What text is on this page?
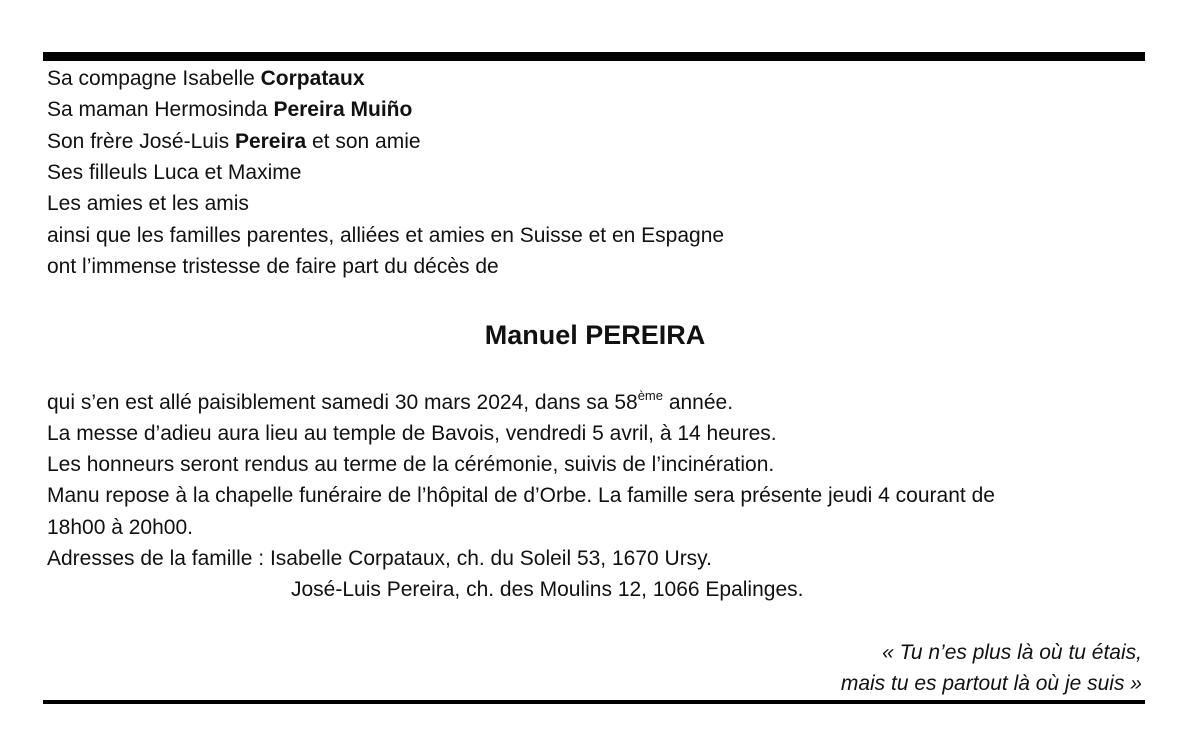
Sa compagne Isabelle Corpataux
Sa maman Hermosinda Pereira Muiño
Son frère José-Luis Pereira et son amie
Ses filleuls Luca et Maxime
Les amies et les amis
ainsi que les familles parentes, alliées et amies en Suisse et en Espagne
ont l’immense tristesse de faire part du décès de
Manuel PEREIRA
qui s’en est allé paisiblement samedi 30 mars 2024, dans sa 58ème année.
La messe d’adieu aura lieu au temple de Bavois, vendredi 5 avril, à 14 heures.
Les honneurs seront rendus au terme de la cérémonie, suivis de l’incinération.
Manu repose à la chapelle funéraire de l’hôpital de d’Orbe. La famille sera présente jeudi 4 courant de
18h00 à 20h00.
Adresses de la famille : Isabelle Corpataux, ch. du Soleil 53, 1670 Ursy.
José-Luis Pereira, ch. des Moulins 12, 1066 Epalinges.
« Tu n’es plus là où tu étais,
mais tu es partout là où je suis »
